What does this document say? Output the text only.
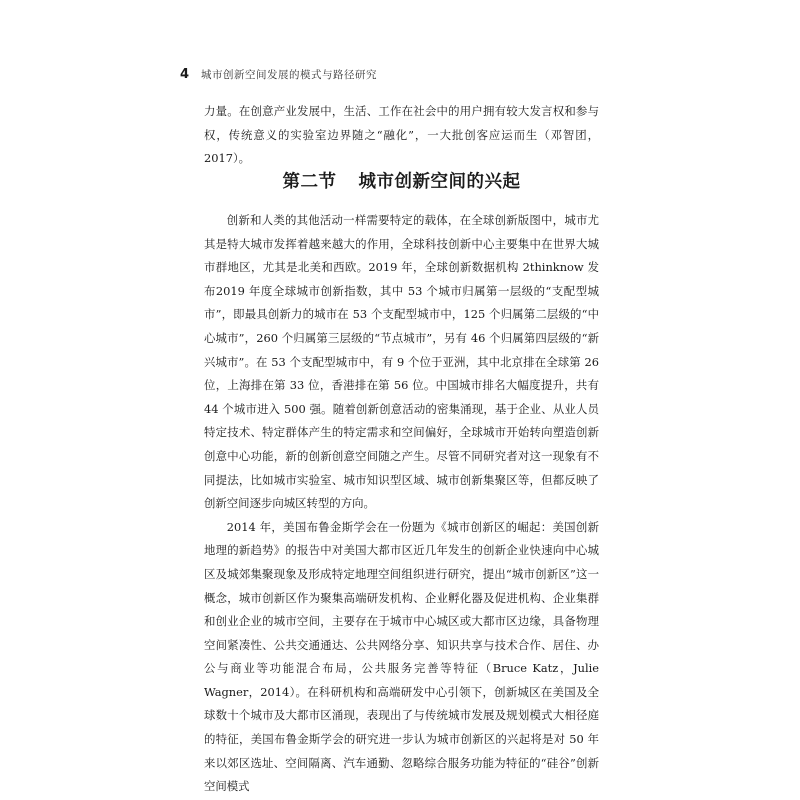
4 城市创新空间发展的模式与路径研究

力量。在创意产业发展中，生活、工作在社会中的用户拥有较大发言权和参与权，传统意义的实验室边界随之“融化”，一大批创客应运而生（邓智团，2017）。

第二节 城市创新空间的兴起

创新和人类的其他活动一样需要特定的载体，在全球创新版图中，城市尤其是特大城市发挥着越来越大的作用，全球科技创新中心主要集中在世界大城市群地区，尤其是北美和西欧。2019 年，全球创新数据机构 2thinknow 发布2019 年度全球城市创新指数，其中 53 个城市归属第一层级的“支配型城市”，即最具创新力的城市在 53 个支配型城市中，125 个归属第二层级的“中心城市”，260 个归属第三层级的“节点城市”，另有 46 个归属第四层级的“新兴城市”。在 53 个支配型城市中，有 9 个位于亚洲，其中北京排在全球第 26 位，上海排在第 33 位，香港排在第 56 位。中国城市排名大幅度提升，共有 44 个城市进入 500 强。随着创新创意活动的密集涌现，基于企业、从业人员特定技术、特定群体产生的特定需求和空间偏好，全球城市开始转向塑造创新创意中心功能，新的创新创意空间随之产生。尽管不同研究者对这一现象有不同提法，比如城市实验室、城市知识型区域、城市创新集聚区等，但都反映了创新空间逐步向城区转型的方向。

2014 年，美国布鲁金斯学会在一份题为《城市创新区的崛起：美国创新地理的新趋势》的报告中对美国大都市区近几年发生的创新企业快速向中心城区及城郊集聚现象及形成特定地理空间组织进行研究，提出“城市创新区”这一概念，城市创新区作为聚集高端研发机构、企业孵化器及促进机构、企业集群和创业企业的城市空间，主要存在于城市中心城区或大都市区边缘，具备物理空间紧凑性、公共交通通达、公共网络分享、知识共享与技术合作、居住、办公与商业等功能混合布局，公共服务完善等特征（Bruce Katz，Julie Wagner，2014）。在科研机构和高端研发中心引领下，创新城区在美国及全球数十个城市及大都市区涌现，表现出了与传统城市发展及规划模式大相径庭的特征，美国布鲁金斯学会的研究进一步认为城市创新区的兴起将是对 50 年来以郊区选址、空间隔离、汽车通勤、忽略综合服务功能为特征的“硅谷”创新空间模式
